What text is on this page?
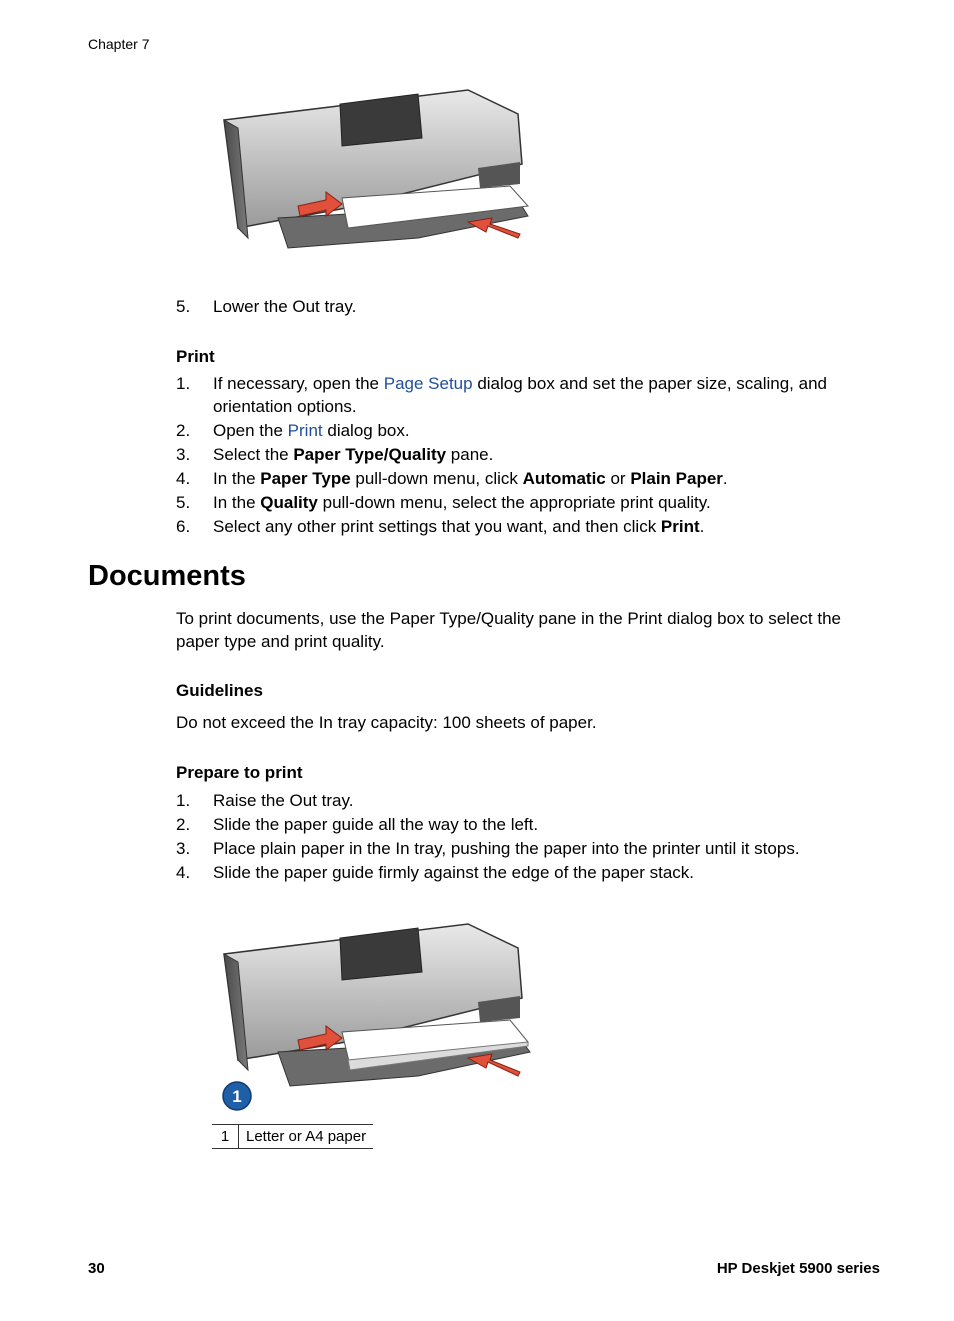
Chapter 7
5. Lower the Out tray.
Print
1. If necessary, open the Page Setup dialog box and set the paper size, scaling, and orientation options.
2. Open the Print dialog box.
3. Select the Paper Type/Quality pane.
4. In the Paper Type pull-down menu, click Automatic or Plain Paper.
5. In the Quality pull-down menu, select the appropriate print quality.
6. Select any other print settings that you want, and then click Print.
Documents
To print documents, use the Paper Type/Quality pane in the Print dialog box to select the paper type and print quality.
Guidelines
Do not exceed the In tray capacity: 100 sheets of paper.
Prepare to print
1. Raise the Out tray.
2. Slide the paper guide all the way to the left.
3. Place plain paper in the In tray, pushing the paper into the printer until it stops.
4. Slide the paper guide firmly against the edge of the paper stack.
1
1	Letter or A4 paper
30	HP Deskjet 5900 series
